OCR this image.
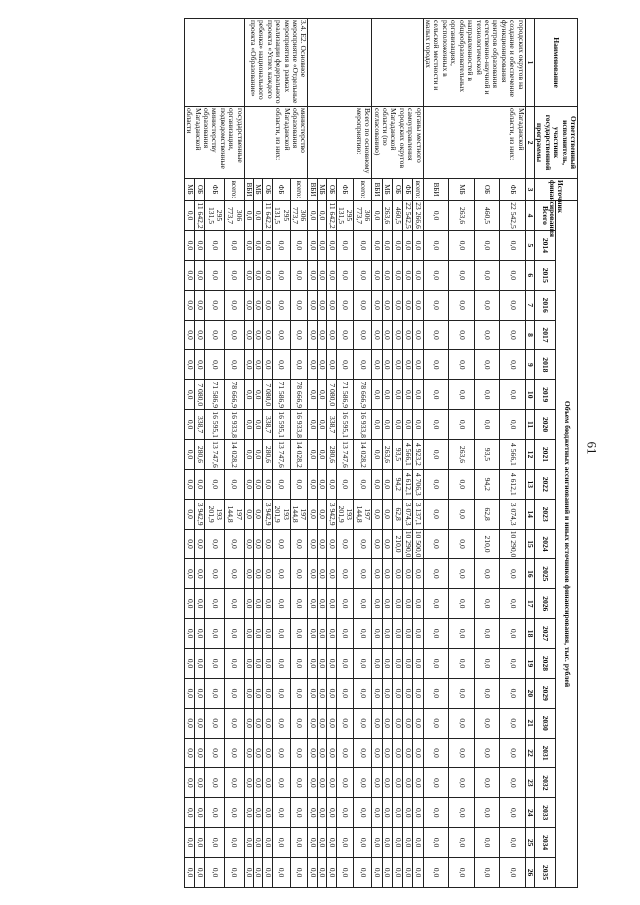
61
Наименование	Ответственный исполнитель, участник государственной программы	Источник финансирования	Объем бюджетных ассигнований и иных источников финансирования, тыс. рублей																						
			Всего	2014	2015	2016	2017	2018	2019	2020	2021	2022	2023	2024	2025	2026	2027	2028	2029	2030	2031	2032	2033	2034	2035
1	2	3	4	5	6	7	8	9	10	11	12	13	14	15	16	17	18	19	20	21	22	23	24	25	26
городских округов на создание и обеспечение функционирования центров образования естественно-научной и технологической направленностей в общеобразовательных организациях, расположенных в сельской местности и малых городах	Магаданской области, из них:	ФБ	22 542,5	0,0	0,0	0,0	0,0	0,0	0,0	0,0	4 566,1	4 612,1	3 074,3	10 290,0	0,0	0,0	0,0	0,0	0,0	0,0	0,0	0,0	0,0	0,0	0,0
		ОБ	460,5	0,0	0,0	0,0	0,0	0,0	0,0	0,0	93,5	94,2	62,8	210,0	0,0	0,0	0,0	0,0	0,0	0,0	0,0	0,0	0,0	0,0	0,0
		МБ	263,6	0,0	0,0	0,0	0,0	0,0	0,0	0,0	263,6	0,0	0,0	0,0	0,0	0,0	0,0	0,0	0,0	0,0	0,0	0,0	0,0	0,0	0,0
		ВБИ	0,0	0,0	0,0	0,0	0,0	0,0	0,0	0,0	0,0	0,0	0,0	0,0	0,0	0,0	0,0	0,0	0,0	0,0	0,0	0,0	0,0	0,0	0,0
	органы местного самоуправления городских округов Магаданской области (по согласованию)	всего:	23 266,6	0,0	0,0	0,0	0,0	0,0	0,0	0,0	4 923,2	4 706,3	3 137,1	10 500,0	0,0	0,0	0,0	0,0	0,0	0,0	0,0	0,0	0,0	0,0	0,0
		ФБ	22 542,5	0,0	0,0	0,0	0,0	0,0	0,0	0,0	4 566,1	4 612,1	3 074,3	10 290,0	0,0	0,0	0,0	0,0	0,0	0,0	0,0	0,0	0,0	0,0	0,0
		ОБ	460,5	0,0	0,0	0,0	0,0	0,0	0,0	0,0	93,5	94,2	62,8	210,0	0,0	0,0	0,0	0,0	0,0	0,0	0,0	0,0	0,0	0,0	0,0
		МБ	263,6	0,0	0,0	0,0	0,0	0,0	0,0	0,0	263,6	0,0	0,0	0,0	0,0	0,0	0,0	0,0	0,0	0,0	0,0	0,0	0,0	0,0	0,0
		ВБИ	0,0	0,0	0,0	0,0	0,0	0,0	0,0	0,0	0,0	0,0	0,0	0,0	0,0	0,0	0,0	0,0	0,0	0,0	0,0	0,0	0,0	0,0	0,0
	Всего по основному мероприятию:	всего:	306 773,7	0,0	0,0	0,0	0,0	0,0	78 666,9	16 933,8	14 028,2	0,0	197 144,8	0,0	0,0	0,0	0,0	0,0	0,0	0,0	0,0	0,0	0,0	0,0	0,0
		ФБ	295 131,5	0,0	0,0	0,0	0,0	0,0	71 586,9	16 595,1	13 747,6	0,0	193 201,9	0,0	0,0	0,0	0,0	0,0	0,0	0,0	0,0	0,0	0,0	0,0	0,0
		ОБ	11 642,2	0,0	0,0	0,0	0,0	0,0	7 080,0	338,7	280,6	0,0	3 942,9	0,0	0,0	0,0	0,0	0,0	0,0	0,0	0,0	0,0	0,0	0,0	0,0
		МБ	0,0	0,0	0,0	0,0	0,0	0,0	0,0	0,0	0,0	0,0	0,0	0,0	0,0	0,0	0,0	0,0	0,0	0,0	0,0	0,0	0,0	0,0	0,0
		ВБИ	0,0	0,0	0,0	0,0	0,0	0,0	0,0	0,0	0,0	0,0	0,0	0,0	0,0	0,0	0,0	0,0	0,0	0,0	0,0	0,0	0,0	0,0	0,0
3.4. Е2. Основное мероприятие «Отдельные мероприятия в рамках реализации федерального проекта «Успех каждого ребенка» национального проекта «Образование»	министерство образования Магаданской области, из них:	всего:	306 773,7	0,0	0,0	0,0	0,0	0,0	78 666,9	16 933,8	14 028,2	0,0	197 144,8	0,0	0,0	0,0	0,0	0,0	0,0	0,0	0,0	0,0	0,0	0,0	0,0
		ФБ	295 131,5	0,0	0,0	0,0	0,0	0,0	71 586,9	16 595,1	13 747,6	0,0	193 201,9	0,0	0,0	0,0	0,0	0,0	0,0	0,0	0,0	0,0	0,0	0,0	0,0
		ОБ	11 642,2	0,0	0,0	0,0	0,0	0,0	7 080,0	338,7	280,6	0,0	3 942,9	0,0	0,0	0,0	0,0	0,0	0,0	0,0	0,0	0,0	0,0	0,0	0,0
		МБ	0,0	0,0	0,0	0,0	0,0	0,0	0,0	0,0	0,0	0,0	0,0	0,0	0,0	0,0	0,0	0,0	0,0	0,0	0,0	0,0	0,0	0,0	0,0
		ВБИ	0,0	0,0	0,0	0,0	0,0	0,0	0,0	0,0	0,0	0,0	0,0	0,0	0,0	0,0	0,0	0,0	0,0	0,0	0,0	0,0	0,0	0,0	0,0
	государственные организации, подведомственные министерству образования Магаданской области	всего:	306 773,7	0,0	0,0	0,0	0,0	0,0	78 666,9	16 933,8	14 028,2	0,0	197 144,8	0,0	0,0	0,0	0,0	0,0	0,0	0,0	0,0	0,0	0,0	0,0	0,0
		ФБ	295 131,5	0,0	0,0	0,0	0,0	0,0	71 586,9	16 595,1	13 747,6	0,0	193 201,9	0,0	0,0	0,0	0,0	0,0	0,0	0,0	0,0	0,0	0,0	0,0	0,0
		ОБ	11 642,2	0,0	0,0	0,0	0,0	0,0	7 080,0	338,7	280,6	0,0	3 942,9	0,0	0,0	0,0	0,0	0,0	0,0	0,0	0,0	0,0	0,0	0,0	0,0
		МБ	0,0	0,0	0,0	0,0	0,0	0,0	0,0	0,0	0,0	0,0	0,0	0,0	0,0	0,0	0,0	0,0	0,0	0,0	0,0	0,0	0,0	0,0	0,0
